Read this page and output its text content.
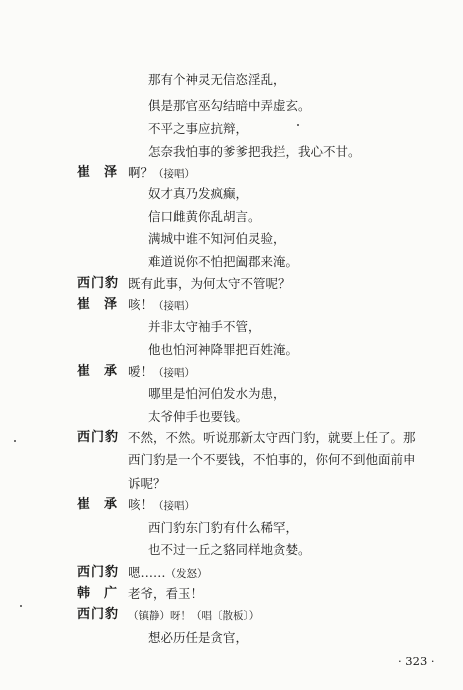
那有个神灵无信恣淫乱，
俱是那官巫勾结暗中弄虚玄。
不平之事应抗辩，
怎奈我怕事的爹爹把我拦，我心不甘。
崔泽
啊？（接唱）
奴才真乃发疯癫，
信口雌黄你乱胡言。
满城中谁不知河伯灵验，
难道说你不怕把阖郡来淹。
西门豹 既有此事，为何太守不管呢？
崔泽
咳！（接唱）
并非太守袖手不管，
他也怕河神降罪把百姓淹。
崔承
嗳！（接唱）
哪里是怕河伯发水为患，
太爷伸手也要钱。
西门豹 不然，不然。听说那新太守西门豹，就要上任了。那
西门豹是一个不要钱，不怕事的，你何不到他面前申
诉呢？
崔承
咳！（接唱）
西门豹东门豹有什么稀罕，
也不过一丘之貉同样地贪婪。
西门豹 嗯……（发怒）
韩广
老爷，看玉！
西门豹 （镇静）呀！（唱〔散板〕）
想必历任是贪官，
· 323 ·
